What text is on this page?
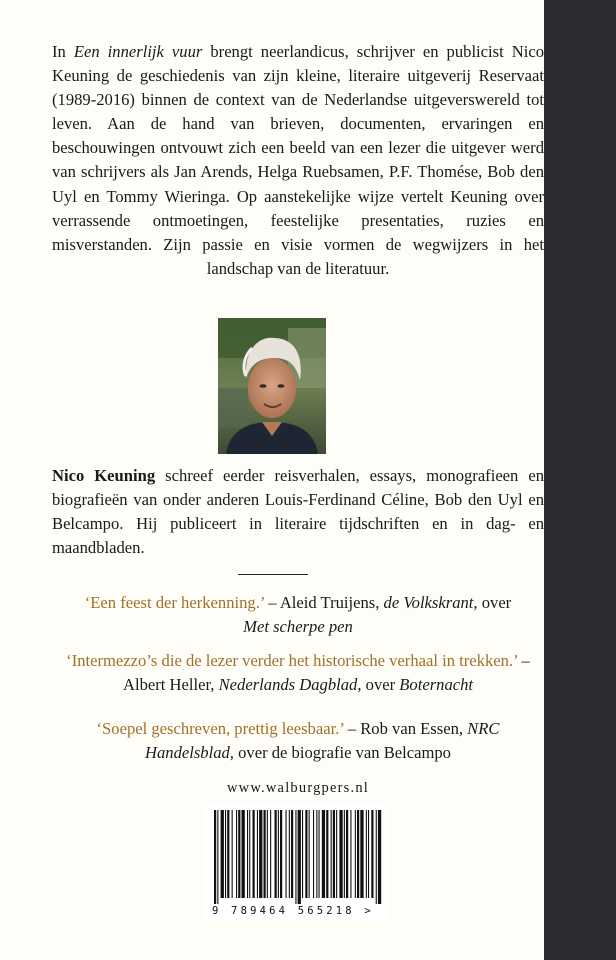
In Een innerlijk vuur brengt neerlandicus, schrijver en publicist Nico Keuning de geschiedenis van zijn kleine, literaire uitgeverij Reservaat (1989-2016) binnen de context van de Nederlandse uitgeverswereld tot leven. Aan de hand van brieven, documenten, ervaringen en beschouwingen ontvouwt zich een beeld van een lezer die uitgever werd van schrijvers als Jan Arends, Helga Ruebsamen, P.F. Thomése, Bob den Uyl en Tommy Wieringa. Op aanstekelijke wijze vertelt Keuning over verrassende ontmoetingen, feestelijke presentaties, ruzies en misverstanden. Zijn passie en visie vormen de wegwijzers in het landschap van de literatuur.
Nico Keuning schreef eerder reisverhalen, essays, monografieen en biografieën van onder anderen Louis-Ferdinand Céline, Bob den Uyl en Belcampo. Hij publiceert in literaire tijdschriften en in dag- en maandbladen.
‘Een feest der herkenning.’ – Aleid Truijens, de Volkskrant, over
Met scherpe pen
‘Intermezzo’s die de lezer verder het historische verhaal in trekken.’ – Albert Heller, Nederlands Dagblad, over Boternacht
‘Soepel geschreven, prettig leesbaar.’ – Rob van Essen, NRC Handelsblad, over de biografie van Belcampo
www.walburgpers.nl
9 789464 565218 >
